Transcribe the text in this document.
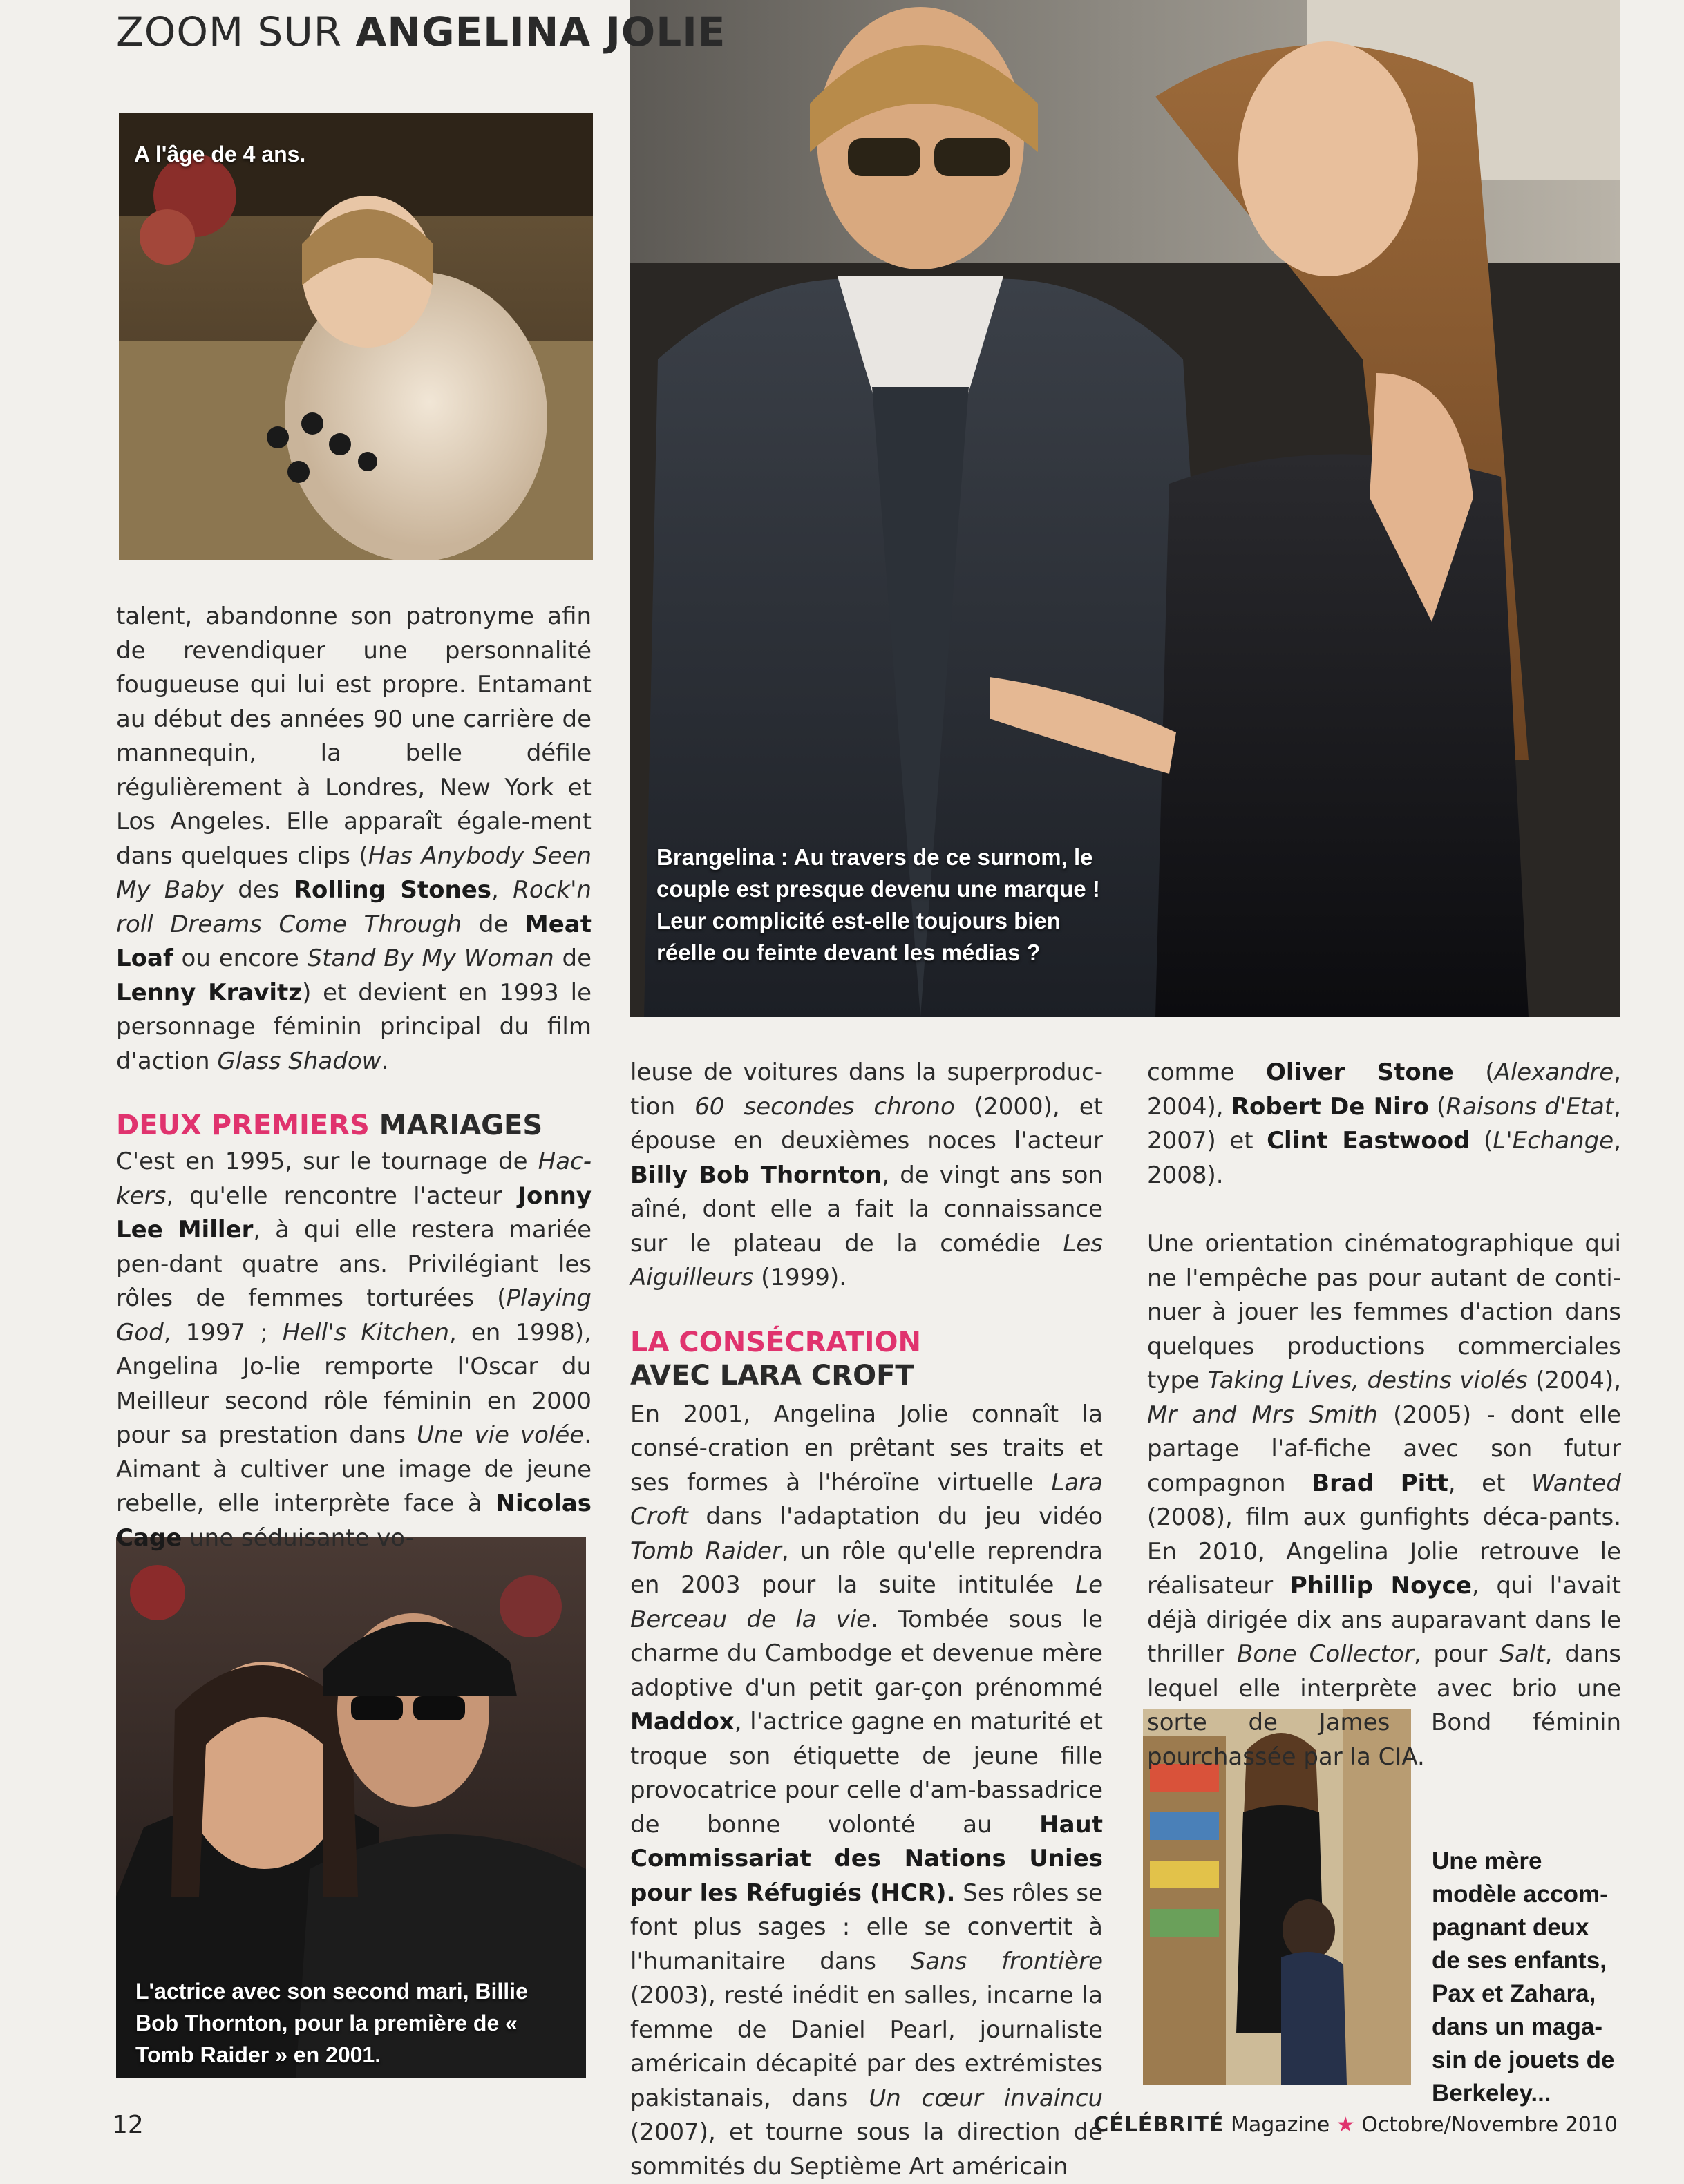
ZOOM SUR ANGELINA JOLIE
A l'âge de 4 ans.
Brangelina : Au travers de ce surnom, le couple est presque devenu une marque ! Leur complicité est-elle toujours bien réelle ou feinte devant les médias ?
L'actrice avec son second mari, Billie Bob Thornton, pour la première de « Tomb Raider » en 2001.
Une mère modèle accom-pagnant deux de ses enfants, Pax et Zahara, dans un maga-sin de jouets de Berkeley...

talent, abandonne son patronyme afin de revendiquer une personnalité fougueuse qui lui est propre. Entamant au début des années 90 une carrière de mannequin, la belle défile régulièrement à Londres, New York et Los Angeles. Elle apparaît égale-ment dans quelques clips (Has Anybody Seen My Baby des Rolling Stones, Rock'n roll Dreams Come Through de Meat Loaf ou encore Stand By My Woman de Lenny Kravitz) et devient en 1993 le personnage féminin principal du film d'action Glass Shadow.

DEUX PREMIERS MARIAGES

C'est en 1995, sur le tournage de Hac-kers, qu'elle rencontre l'acteur Jonny Lee Miller, à qui elle restera mariée pen-dant quatre ans. Privilégiant les rôles de femmes torturées (Playing God, 1997 ; Hell's Kitchen, en 1998), Angelina Jo-lie remporte l'Oscar du Meilleur second rôle féminin en 2000 pour sa prestation dans Une vie volée. Aimant à cultiver une image de jeune rebelle, elle interprète face à Nicolas Cage une séduisante vo-

leuse de voitures dans la superproduc-tion 60 secondes chrono (2000), et épouse en deuxièmes noces l'acteur Billy Bob Thornton, de vingt ans son aîné, dont elle a fait la connaissance sur le plateau de la comédie Les Aiguilleurs (1999).

LA CONSÉCRATION
AVEC LARA CROFT

En 2001, Angelina Jolie connaît la consé-cration en prêtant ses traits et ses formes à l'héroïne virtuelle Lara Croft dans l'adaptation du jeu vidéo Tomb Raider, un rôle qu'elle reprendra en 2003 pour la suite intitulée Le Berceau de la vie. Tombée sous le charme du Cambodge et devenue mère adoptive d'un petit gar-çon prénommé Maddox, l'actrice gagne en maturité et troque son étiquette de jeune fille provocatrice pour celle d'am-bassadrice de bonne volonté au Haut Commissariat des Nations Unies pour les Réfugiés (HCR). Ses rôles se font plus sages : elle se convertit à l'humanitaire dans Sans frontière (2003), resté inédit en salles, incarne la femme de Daniel Pearl, journaliste américain décapité par des extrémistes pakistanais, dans Un cœur invaincu (2007), et tourne sous la direction de sommités du Septième Art américain

comme Oliver Stone (Alexandre, 2004), Robert De Niro (Raisons d'Etat, 2007) et Clint Eastwood (L'Echange, 2008).

Une orientation cinématographique qui ne l'empêche pas pour autant de conti-nuer à jouer les femmes d'action dans quelques productions commerciales type Taking Lives, destins violés (2004), Mr and Mrs Smith (2005) - dont elle partage l'af-fiche avec son futur compagnon Brad Pitt, et Wanted (2008), film aux gunfights déca-pants. En 2010, Angelina Jolie retrouve le réalisateur Phillip Noyce, qui l'avait déjà dirigée dix ans auparavant dans le thriller Bone Collector, pour Salt, dans lequel elle interprète avec brio une sorte de James Bond féminin pourchassée par la CIA.

12	CÉLÉBRITÉ Magazine ★ Octobre/Novembre 2010
